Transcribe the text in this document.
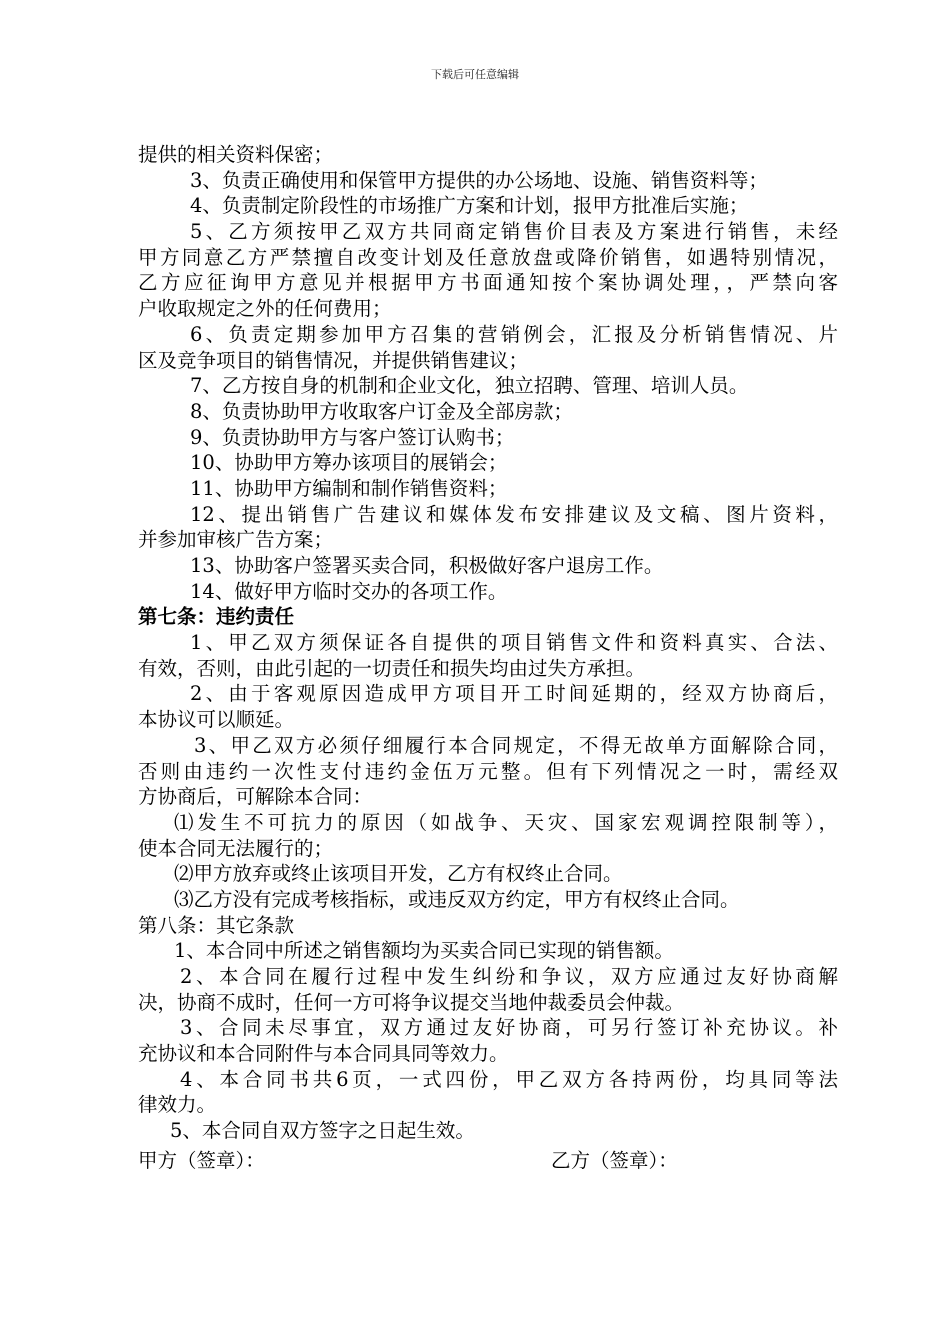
下载后可任意编辑
提供的相关资料保密；
3、负责正确使用和保管甲方提供的办公场地、设施、销售资料等；
4、负责制定阶段性的市场推广方案和计划，报甲方批准后实施；
5、乙方须按甲乙双方共同商定销售价目表及方案进行销售，未经
甲方同意乙方严禁擅自改变计划及任意放盘或降价销售，如遇特别情况，
乙方应征询甲方意见并根据甲方书面通知按个案协调处理，，严禁向客
户收取规定之外的任何费用；
6、负责定期参加甲方召集的营销例会，汇报及分析销售情况、片
区及竞争项目的销售情况，并提供销售建议；
7、乙方按自身的机制和企业文化，独立招聘、管理、培训人员。
8、负责协助甲方收取客户订金及全部房款；
9、负责协助甲方与客户签订认购书；
10、协助甲方筹办该项目的展销会；
11、协助甲方编制和制作销售资料；
12、提出销售广告建议和媒体发布安排建议及文稿、图片资料，
并参加审核广告方案；
13、协助客户签署买卖合同，积极做好客户退房工作。
14、做好甲方临时交办的各项工作。
第七条：违约责任
1、甲乙双方须保证各自提供的项目销售文件和资料真实、合法、
有效，否则，由此引起的一切责任和损失均由过失方承担。
2、由于客观原因造成甲方项目开工时间延期的，经双方协商后，
本协议可以顺延。
3、甲乙双方必须仔细履行本合同规定，不得无故单方面解除合同，
否则由违约一次性支付违约金伍万元整。但有下列情况之一时，需经双
方协商后，可解除本合同：
⑴发生不可抗力的原因（如战争、天灾、国家宏观调控限制等），
使本合同无法履行的；
⑵甲方放弃或终止该项目开发，乙方有权终止合同。
⑶乙方没有完成考核指标，或违反双方约定，甲方有权终止合同。
第八条：其它条款
1、本合同中所述之销售额均为买卖合同已实现的销售额。
2、本合同在履行过程中发生纠纷和争议，双方应通过友好协商解
决，协商不成时，任何一方可将争议提交当地仲裁委员会仲裁。
3、合同未尽事宜，双方通过友好协商，可另行签订补充协议。补
充协议和本合同附件与本合同具同等效力。
4、本合同书共6页，一式四份，甲乙双方各持两份，均具同等法
律效力。
5、本合同自双方签字之日起生效。
甲方（签章）：	乙方（签章）：
